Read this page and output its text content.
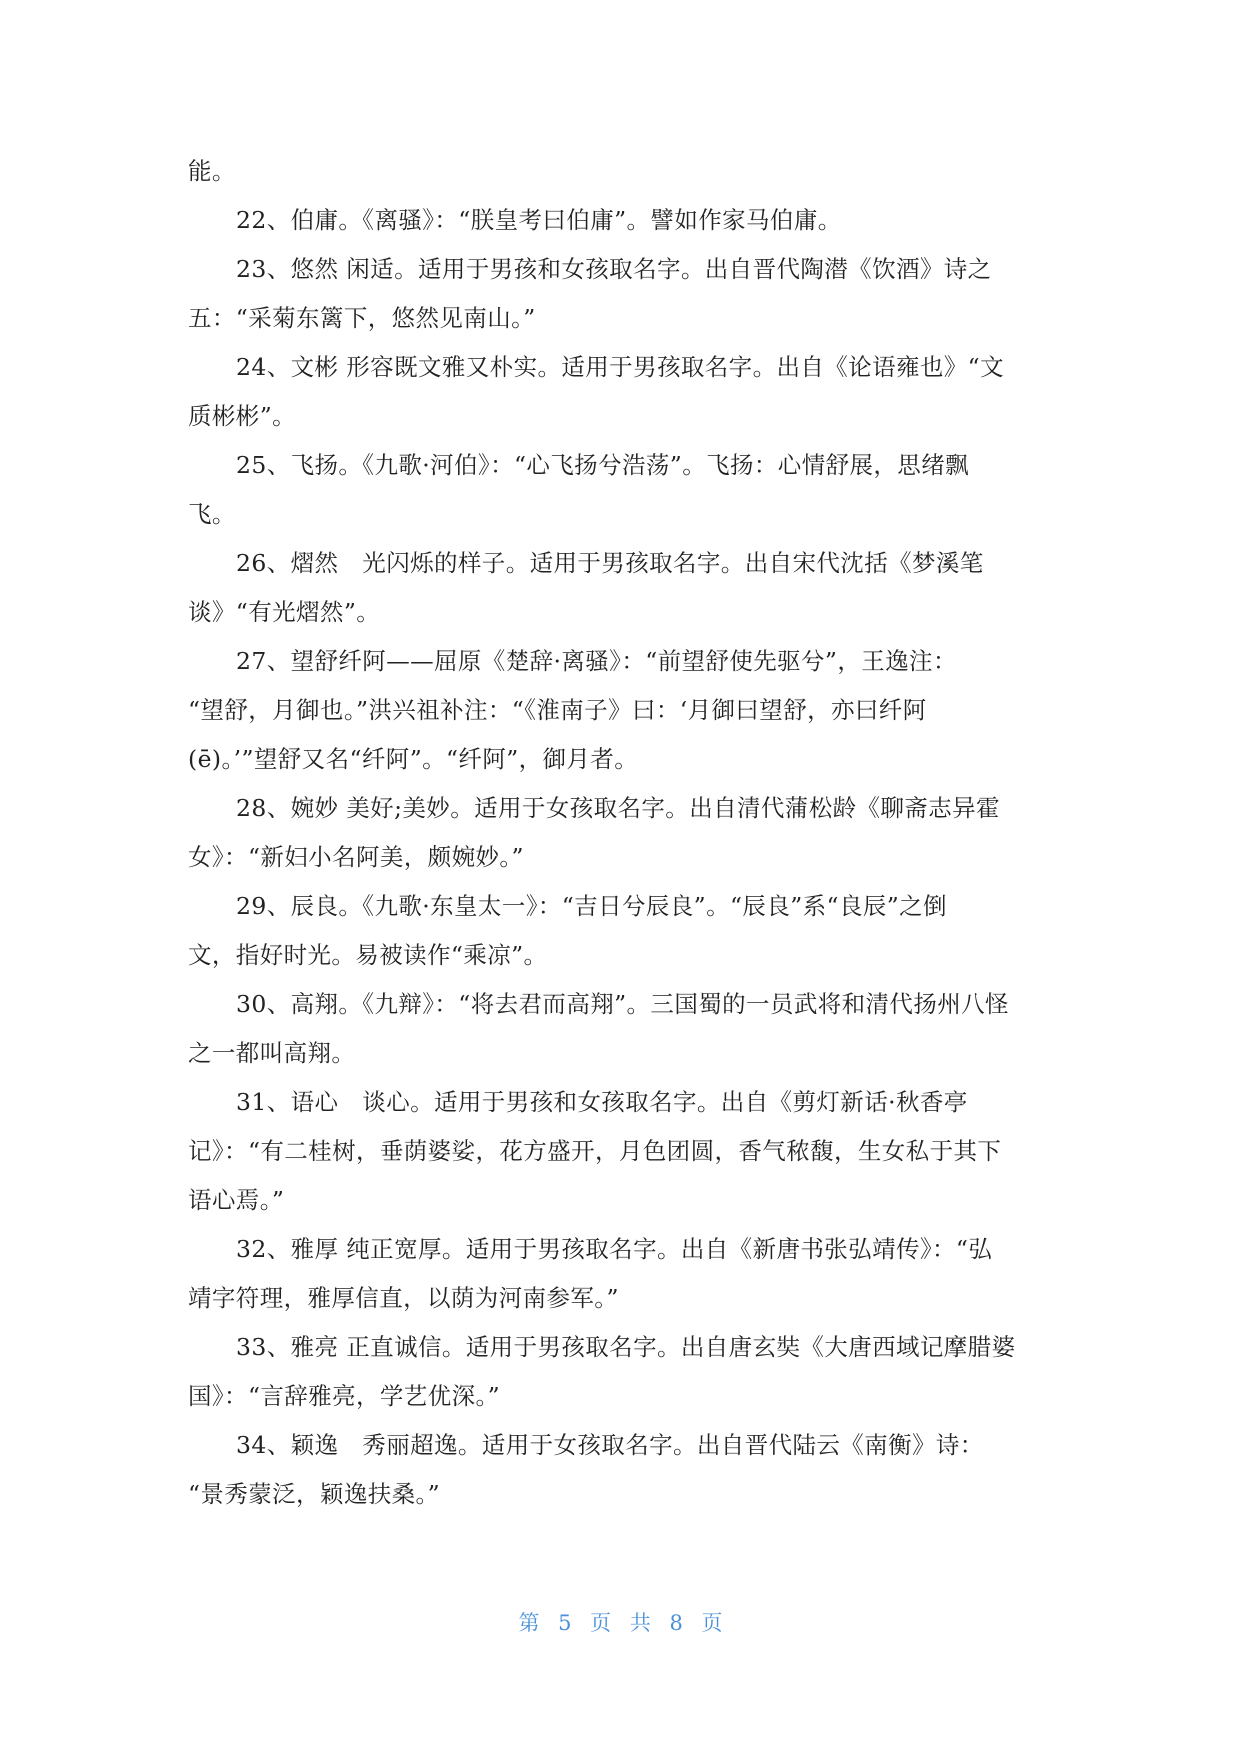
能。
22、伯庸。《离骚》：“朕皇考曰伯庸”。譬如作家马伯庸。
23、悠然 闲适。适用于男孩和女孩取名字。出自晋代陶潜《饮酒》诗之
五：“采菊东篱下，悠然见南山。”
24、文彬 形容既文雅又朴实。适用于男孩取名字。出自《论语雍也》“文
质彬彬”。
25、飞扬。《九歌·河伯》：“心飞扬兮浩荡”。飞扬：心情舒展，思绪飘
飞。
26、熠然　光闪烁的样子。适用于男孩取名字。出自宋代沈括《梦溪笔
谈》“有光熠然”。
27、望舒纤阿——屈原《楚辞·离骚》：“前望舒使先驱兮”，王逸注：
“望舒，月御也。”洪兴祖补注：“《淮南子》曰：‘月御曰望舒，亦曰纤阿
(ē)。’”望舒又名“纤阿”。“纤阿”，御月者。
28、婉妙 美好;美妙。适用于女孩取名字。出自清代蒲松龄《聊斋志异霍
女》：“新妇小名阿美，颇婉妙。”
29、辰良。《九歌·东皇太一》：“吉日兮辰良”。“辰良”系“良辰”之倒
文，指好时光。易被读作“乘凉”。
30、高翔。《九辩》：“将去君而高翔”。三国蜀的一员武将和清代扬州八怪
之一都叫高翔。
31、语心　谈心。适用于男孩和女孩取名字。出自《剪灯新话·秋香亭
记》：“有二桂树，垂荫婆娑，花方盛开，月色团圆，香气秾馥，生女私于其下
语心焉。”
32、雅厚 纯正宽厚。适用于男孩取名字。出自《新唐书张弘靖传》：“弘
靖字符理，雅厚信直，以荫为河南参军。”
33、雅亮 正直诚信。适用于男孩取名字。出自唐玄奘《大唐西域记摩腊婆
国》：“言辞雅亮，学艺优深。”
34、颖逸　秀丽超逸。适用于女孩取名字。出自晋代陆云《南衡》诗：
“景秀蒙泛，颖逸扶桑。”
第 5 页 共 8 页
